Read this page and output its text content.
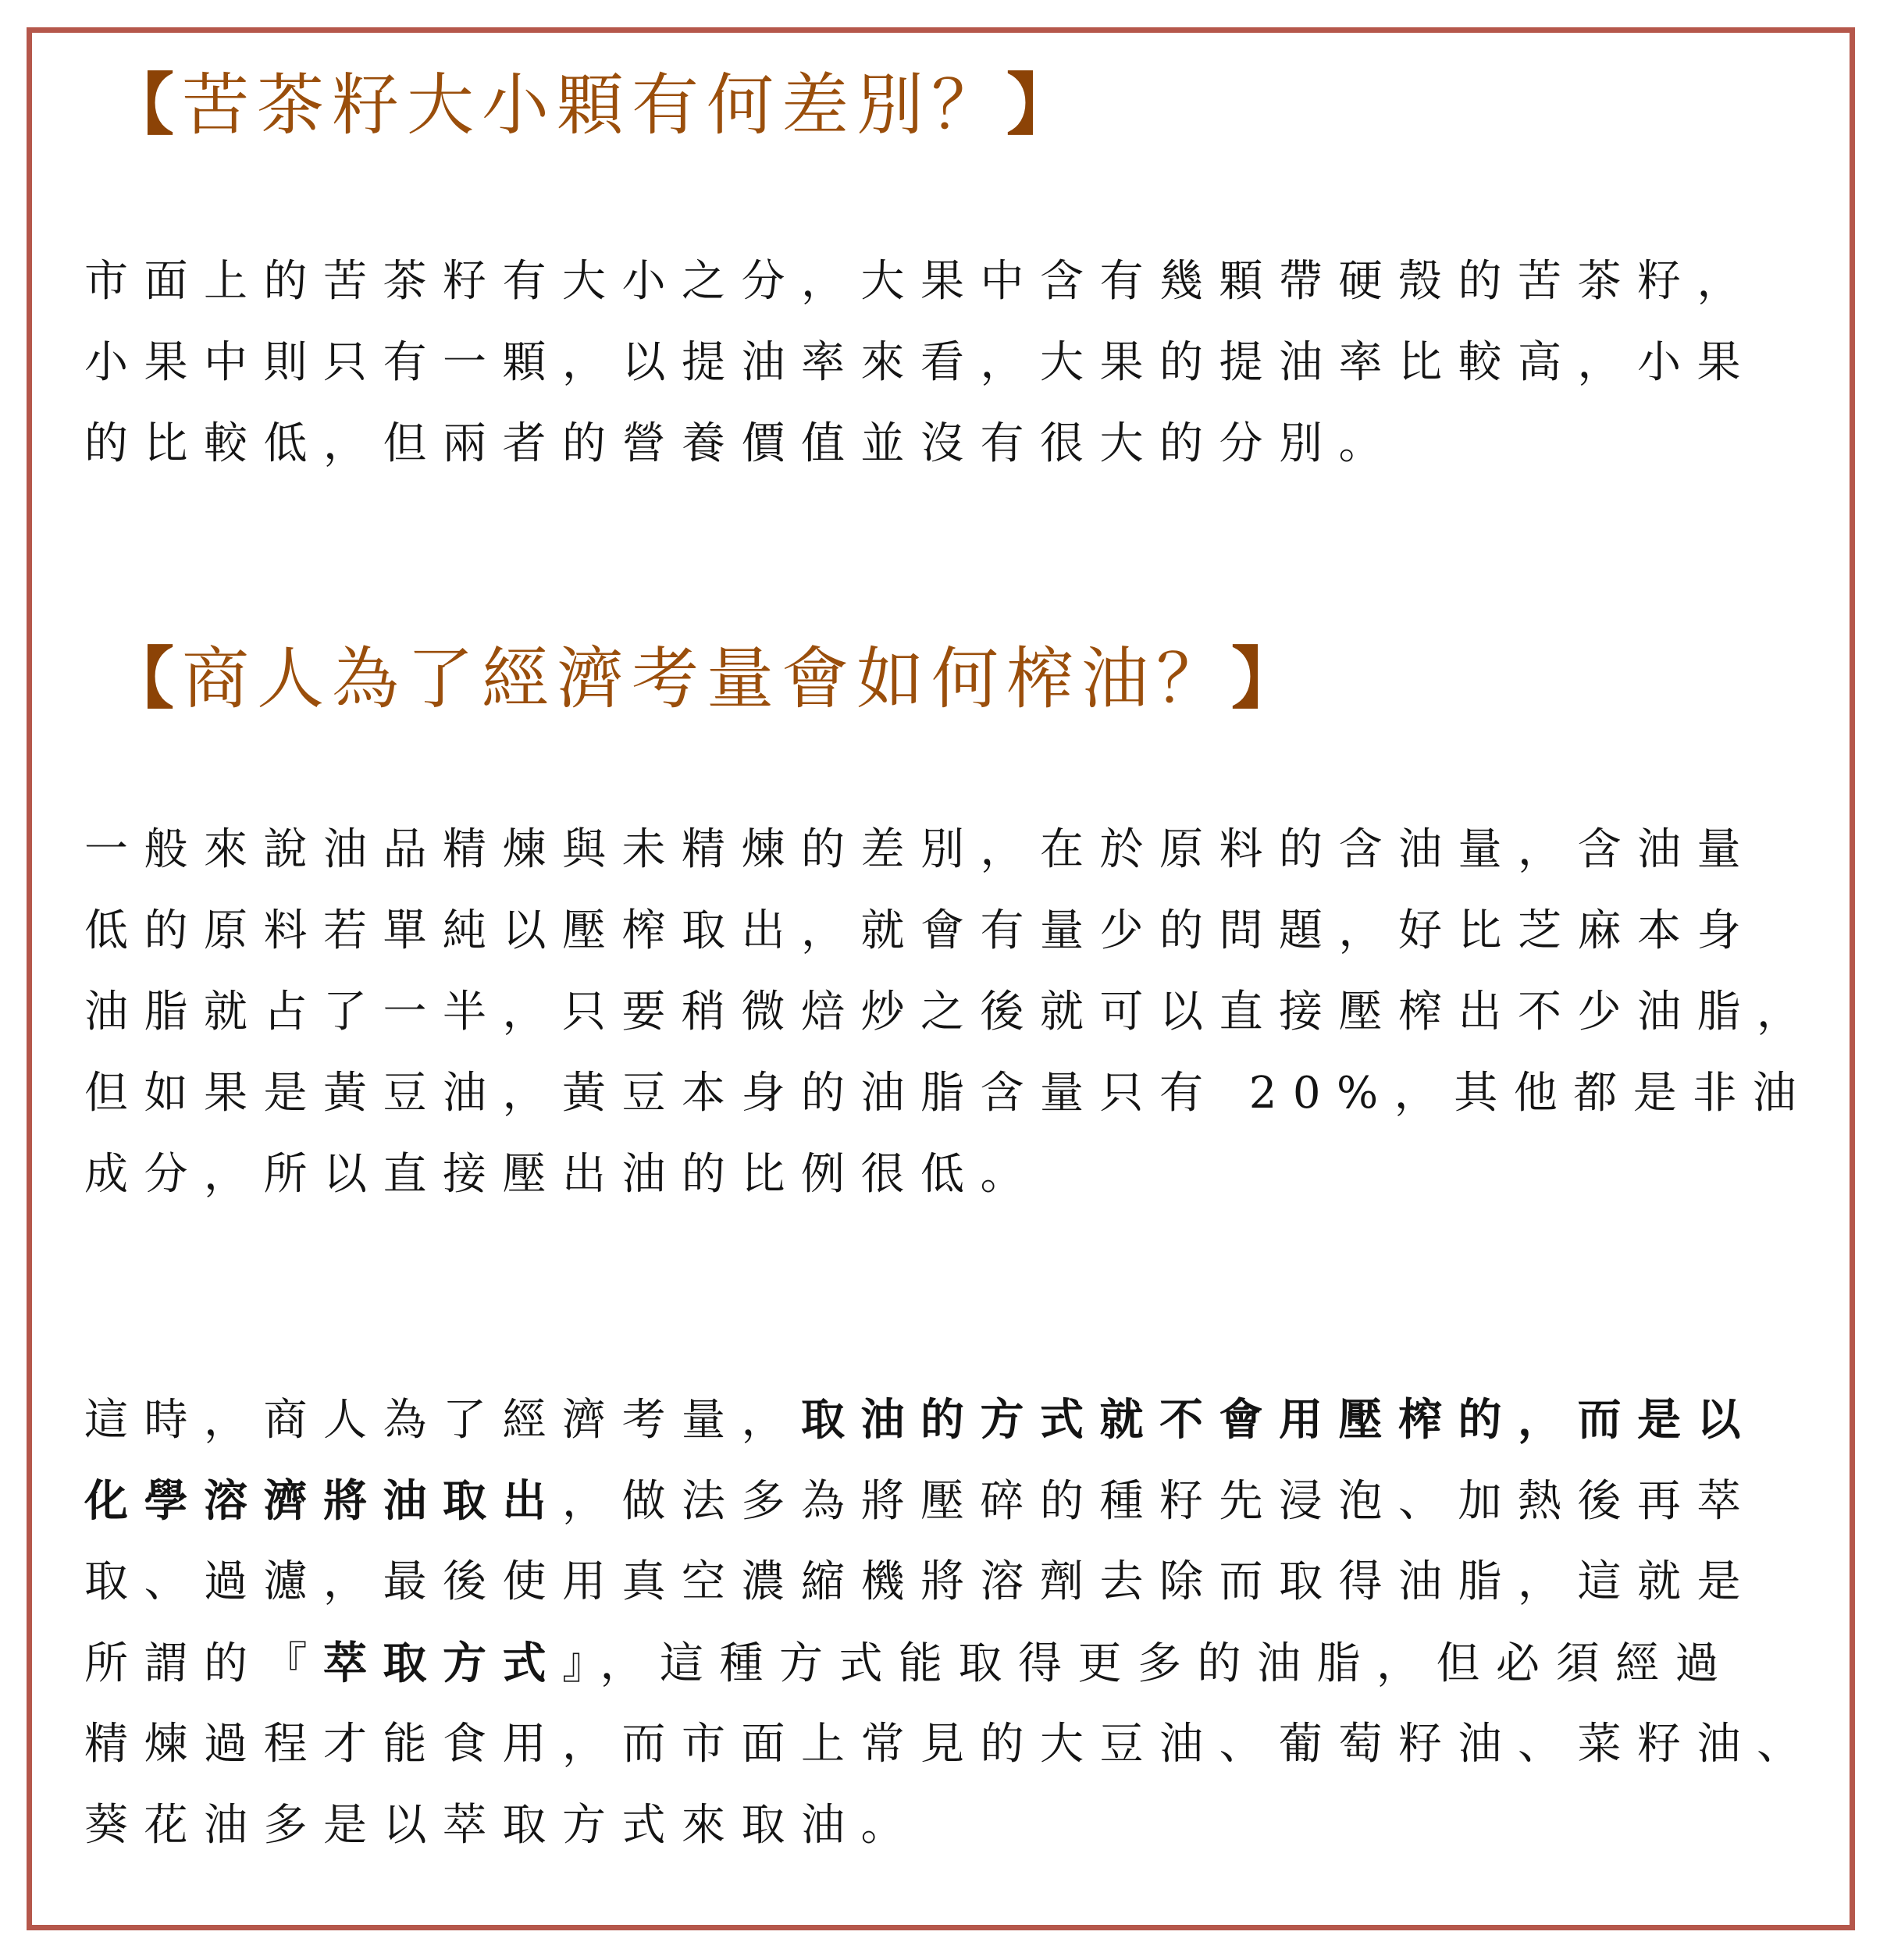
【苦茶籽大小顆有何差別？】
市面上的苦茶籽有大小之分，大果中含有幾顆帶硬殼的苦茶籽，
小果中則只有一顆，以提油率來看，大果的提油率比較高，小果
的比較低，但兩者的營養價值並沒有很大的分別。
【商人為了經濟考量會如何榨油？】
一般來說油品精煉與未精煉的差別，在於原料的含油量，含油量
低的原料若單純以壓榨取出，就會有量少的問題，好比芝麻本身
油脂就占了一半，只要稍微焙炒之後就可以直接壓榨出不少油脂，
但如果是黃豆油，黃豆本身的油脂含量只有 20%，其他都是非油
成分，所以直接壓出油的比例很低。
這時，商人為了經濟考量，取油的方式就不會用壓榨的，而是以
化學溶濟將油取出，做法多為將壓碎的種籽先浸泡、加熱後再萃
取、過濾，最後使用真空濃縮機將溶劑去除而取得油脂，這就是
所謂的『萃取方式』，這種方式能取得更多的油脂，但必須經過
精煉過程才能食用，而市面上常見的大豆油、葡萄籽油、菜籽油、
葵花油多是以萃取方式來取油。
